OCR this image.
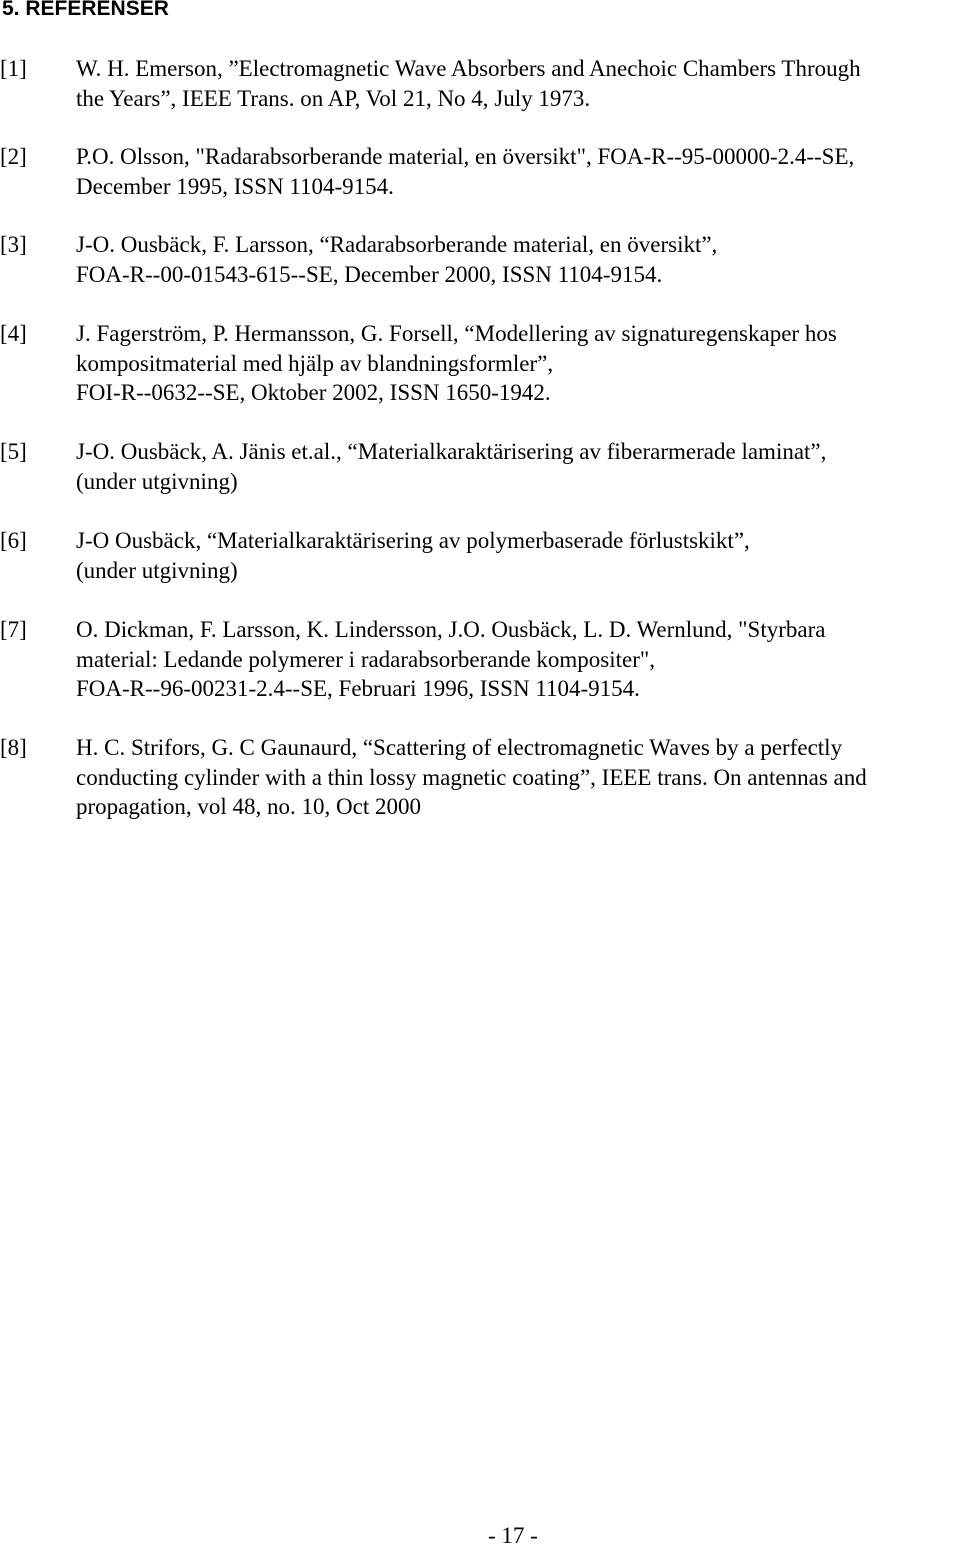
5. REFERENSER
[1] W. H. Emerson, ”Electromagnetic Wave Absorbers and Anechoic Chambers Through
the Years”, IEEE Trans. on AP, Vol 21, No 4, July 1973.
[2] P.O. Olsson, "Radarabsorberande material, en översikt", FOA-R--95-00000-2.4--SE,
December 1995, ISSN 1104-9154.
[3] J-O. Ousbäck, F. Larsson, “Radarabsorberande material, en översikt”,
FOA-R--00-01543-615--SE, December 2000, ISSN 1104-9154.
[4] J. Fagerström, P. Hermansson, G. Forsell, “Modellering av signaturegenskaper hos
kompositmaterial med hjälp av blandningsformler”,
FOI-R--0632--SE, Oktober 2002, ISSN 1650-1942.
[5] J-O. Ousbäck, A. Jänis et.al., “Materialkaraktärisering av fiberarmerade laminat”,
(under utgivning)
[6] J-O Ousbäck, “Materialkaraktärisering av polymerbaserade förlustskikt”,
(under utgivning)
[7] O. Dickman, F. Larsson, K. Lindersson, J.O. Ousbäck, L. D. Wernlund, "Styrbara
material: Ledande polymerer i radarabsorberande kompositer",
FOA-R--96-00231-2.4--SE, Februari 1996, ISSN 1104-9154.
[8] H. C. Strifors, G. C Gaunaurd, “Scattering of electromagnetic Waves by a perfectly
conducting cylinder with a thin lossy magnetic coating”, IEEE trans. On antennas and
propagation, vol 48, no. 10, Oct 2000
- 17 -
